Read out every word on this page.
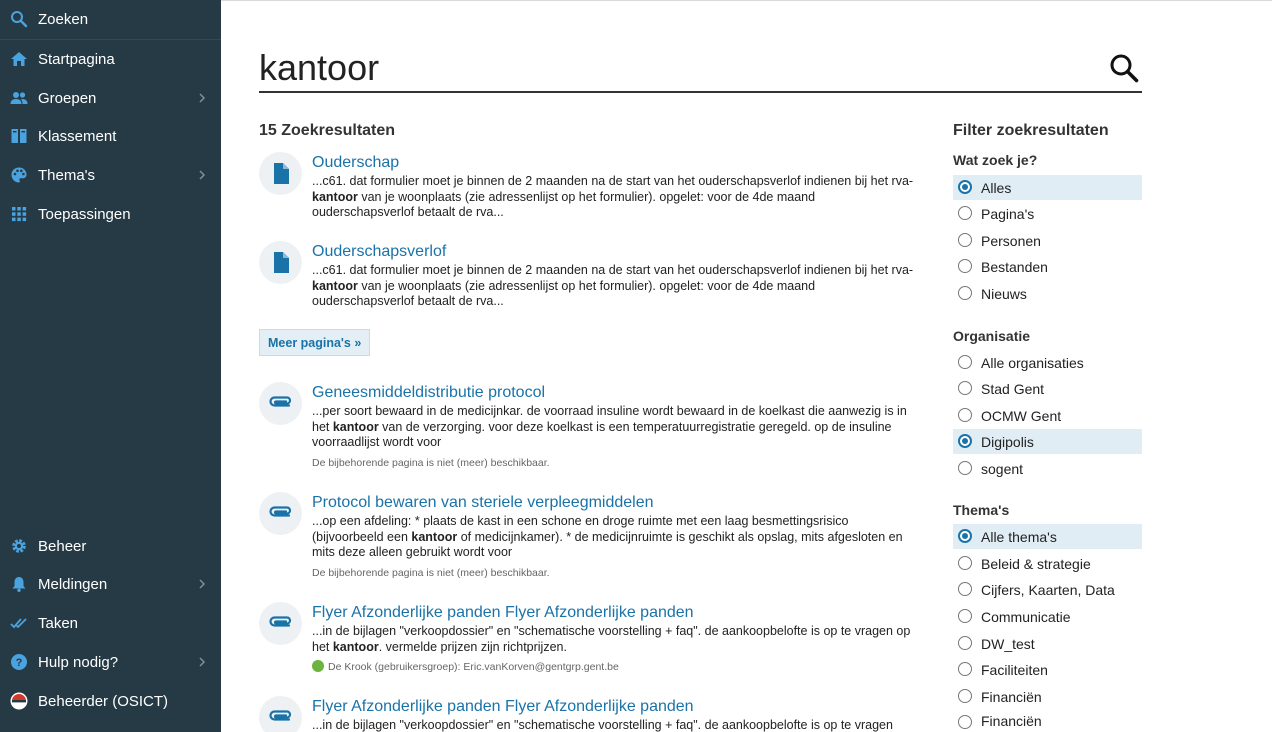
Zoeken
Startpagina
Groepen
Klassement
Thema's
Toepassingen
Beheer
Meldingen
Taken
? Hulp nodig?
Beheerder (OSICT)
kantoor
15 Zoekresultaten
Ouderschap
...c61. dat formulier moet je binnen de 2 maanden na de start van het ouderschapsverlof indienen bij het rva-kantoor van je woonplaats (zie adressenlijst op het formulier). opgelet: voor de 4de maand ouderschapsverlof betaalt de rva...
Ouderschapsverlof
...c61. dat formulier moet je binnen de 2 maanden na de start van het ouderschapsverlof indienen bij het rva-kantoor van je woonplaats (zie adressenlijst op het formulier). opgelet: voor de 4de maand ouderschapsverlof betaalt de rva...
Meer pagina's »
Geneesmiddeldistributie protocol
...per soort bewaard in de medicijnkar. de voorraad insuline wordt bewaard in de koelkast die aanwezig is in het kantoor van de verzorging. voor deze koelkast is een temperatuurregistratie geregeld. op de insuline voorraadlijst wordt voor
De bijbehorende pagina is niet (meer) beschikbaar.
Protocol bewaren van steriele verpleegmiddelen
...op een afdeling: * plaats de kast in een schone en droge ruimte met een laag besmettingsrisico (bijvoorbeeld een kantoor of medicijnkamer). * de medicijnruimte is geschikt als opslag, mits afgesloten en mits deze alleen gebruikt wordt voor
De bijbehorende pagina is niet (meer) beschikbaar.
Flyer Afzonderlijke panden Flyer Afzonderlijke panden
...in de bijlagen "verkoopdossier" en "schematische voorstelling + faq". de aankoopbelofte is op te vragen op het kantoor. vermelde prijzen zijn richtprijzen.
De Krook (gebruikersgroep): Eric.vanKorven@gentgrp.gent.be
Flyer Afzonderlijke panden Flyer Afzonderlijke panden
...in de bijlagen "verkoopdossier" en "schematische voorstelling + faq". de aankoopbelofte is op te vragen
Filter zoekresultaten
Wat zoek je?
Alles
Pagina's
Personen
Bestanden
Nieuws
Organisatie
Alle organisaties
Stad Gent
OCMW Gent
Digipolis
sogent
Thema's
Alle thema's
Beleid & strategie
Cijfers, Kaarten, Data
Communicatie
DW_test
Faciliteiten
Financiën
Financiën
